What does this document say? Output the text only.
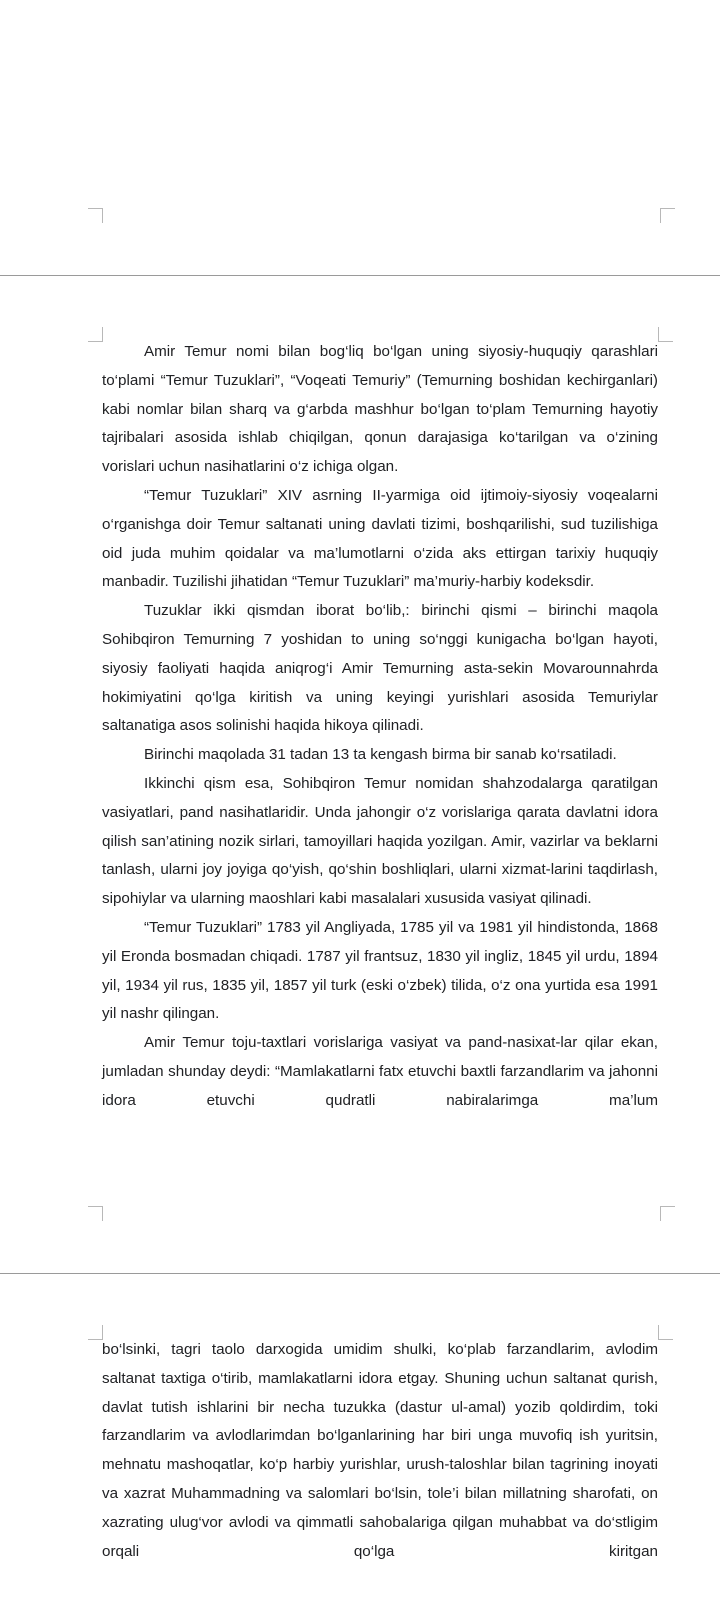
Amir Temur nomi bilan bog‘liq bo‘lgan uning siyosiy-huquqiy qarashlari to‘plami “Temur Tuzuklari”, “Voqeati Temuriy” (Temurning boshidan kechirganlari) kabi nomlar bilan sharq va g‘arbda mashhur bo‘lgan to‘plam Temurning hayotiy tajribalari asosida ishlab chiqilgan, qonun darajasiga ko‘tarilgan va o‘zining vorislari uchun nasihatlarini o‘z ichiga olgan.

“Temur Tuzuklari” XIV asrning II-yarmiga oid ijtimoiy-siyosiy voqealarni o‘rganishga doir Temur saltanati uning davlati tizimi, boshqarilishi, sud tuzilishiga oid juda muhim qoidalar va ma’lumotlarni o‘zida aks ettirgan tarixiy huquqiy manbadir. Tuzilishi jihatidan “Temur Tuzuklari” ma’muriy-harbiy kodeksdir.

Tuzuklar ikki qismdan iborat bo‘lib,: birinchi qismi – birinchi maqola Sohibqiron Temurning 7 yoshidan to uning so‘nggi kunigacha bo‘lgan hayoti, siyosiy faoliyati haqida aniqrog‘i Amir Temurning asta-sekin Movarounnahrda hokimiyatini qo‘lga kiritish va uning keyingi yurishlari asosida Temuriylar saltanatiga asos solinishi haqida hikoya qilinadi.

Birinchi maqolada 31 tadan 13 ta kengash birma bir sanab ko‘rsatiladi.

Ikkinchi qism esa, Sohibqiron Temur nomidan shahzodalarga qaratilgan vasiyatlari, pand nasihatlaridir. Unda jahongir o‘z vorislariga qarata davlatni idora qilish san’atining nozik sirlari, tamoyillari haqida yozilgan. Amir, vazirlar va beklarni tanlash, ularni joy joyiga qo‘yish, qo‘shin boshliqlari, ularni xizmat-larini taqdirlash, sipohiylar va ularning maoshlari kabi masalalari xususida vasiyat qilinadi.

“Temur Tuzuklari” 1783 yil Angliyada, 1785 yil va 1981 yil hindistonda, 1868 yil Eronda bosmadan chiqadi. 1787 yil frantsuz, 1830 yil ingliz, 1845 yil urdu, 1894 yil, 1934 yil rus, 1835 yil, 1857 yil turk (eski o‘zbek) tilida, o‘z ona yurtida esa 1991 yil nashr qilingan.

Amir Temur toju-taxtlari vorislariga vasiyat va pand-nasixat-lar qilar ekan, jumladan shunday deydi: “Mamlakatlarni fatx etuvchi baxtli farzandlarim va jahonni idora etuvchi qudratli nabiralarimga ma’lum

bo‘lsinki, tagri taolo darxogida umidim shulki, ko‘plab farzandlarim, avlodim saltanat taxtiga o‘tirib, mamlakatlarni idora etgay. Shuning uchun saltanat qurish, davlat tutish ishlarini bir necha tuzukka (dastur ul-amal) yozib qoldirdim, toki farzandlarim va avlodlarimdan bo‘lganlarining har biri unga muvofiq ish yuritsin, mehnatu mashoqatlar, ko‘p harbiy yurishlar, urush-taloshlar bilan tagrining inoyati va xazrat Muhammadning va salomlari bo‘lsin, tole’i bilan millatning sharofati, on xazrating ulug‘vor avlodi va qimmatli sahobalariga qilgan muhabbat va do‘stligim orqali qo‘lga kiritgan
